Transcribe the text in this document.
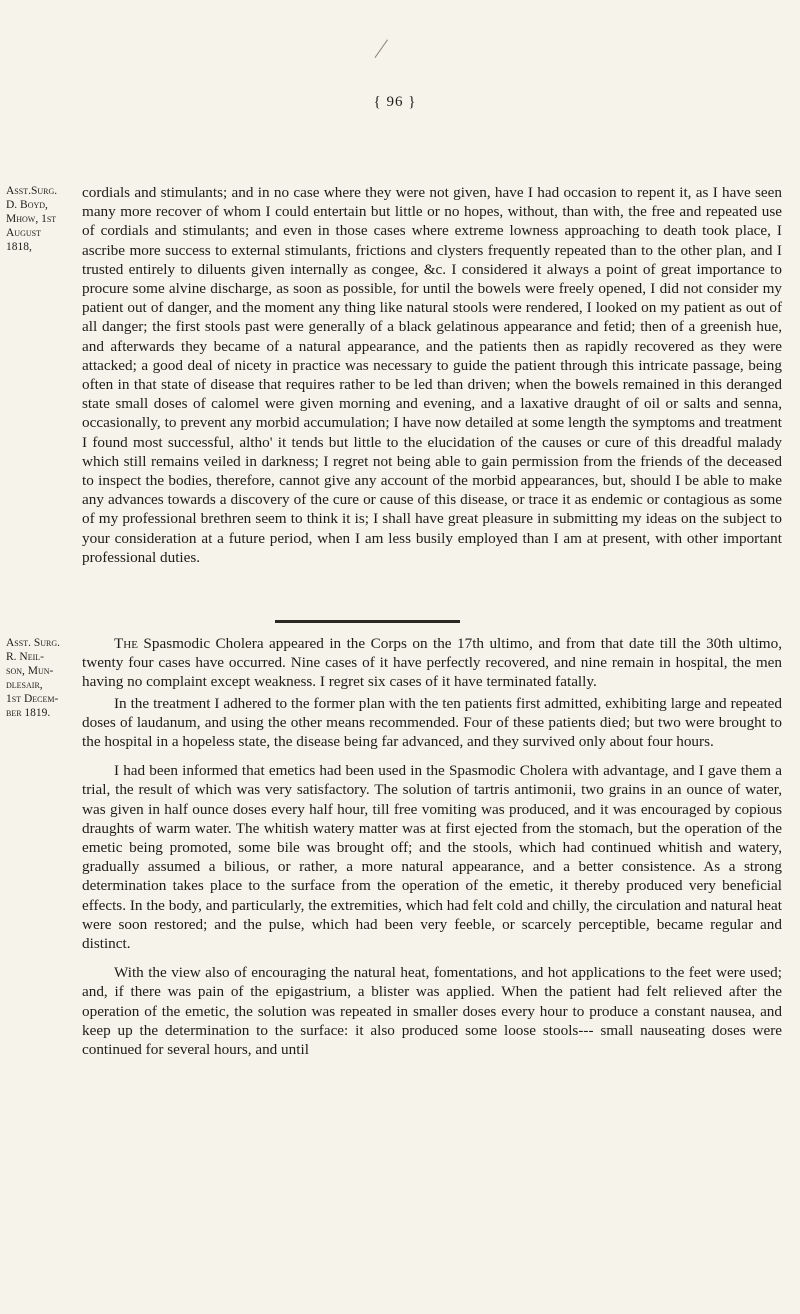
{ 96 }
Asst.Surg.
D. Boyd,
Mhow, 1st
August
1818,

cordials and stimulants; and in no case where they were not given, have I had occasion to repent it, as I have seen many more recover of whom I could entertain but little or no hopes, without, than with, the free and repeated use of cordials and stimulants; and even in those cases where extreme lowness approaching to death took place, I ascribe more success to external stimulants, frictions and clysters frequently repeated than to the other plan, and I trusted entirely to diluents given internally as congee, &c. I considered it always a point of great importance to procure some alvine discharge, as soon as possible, for until the bowels were freely opened, I did not consider my patient out of danger, and the moment any thing like natural stools were rendered, I looked on my patient as out of all danger; the first stools past were generally of a black gelatinous appearance and fetid; then of a greenish hue, and afterwards they became of a natural appearance, and the patients then as rapidly recovered as they were attacked; a good deal of nicety in practice was necessary to guide the patient through this intricate passage, being often in that state of disease that requires rather to be led than driven; when the bowels remained in this deranged state small doses of calomel were given morning and evening, and a laxative draught of oil or salts and senna, occasionally, to prevent any morbid accumulation; I have now detailed at some length the symptoms and treatment I found most successful, altho' it tends but little to the elucidation of the causes or cure of this dreadful malady which still remains veiled in darkness; I regret not being able to gain permission from the friends of the deceased to inspect the bodies, therefore, cannot give any account of the morbid appearances, but, should I be able to make any advances towards a discovery of the cure or cause of this disease, or trace it as endemic or contagious as some of my professional brethren seem to think it is; I shall have great pleasure in submitting my ideas on the subject to your consideration at a future period, when I am less busily employed than I am at present, with other important professional duties.

Asst. Surg.
R. Neil-
son, Mun-
dlesair,
1st Decem-
ber 1819.

The Spasmodic Cholera appeared in the Corps on the 17th ultimo, and from that date till the 30th ultimo, twenty four cases have occurred. Nine cases of it have perfectly recovered, and nine remain in hospital, the men having no complaint except weakness. I regret six cases of it have terminated fatally.

In the treatment I adhered to the former plan with the ten patients first admitted, exhibiting large and repeated doses of laudanum, and using the other means recommended. Four of these patients died; but two were brought to the hospital in a hopeless state, the disease being far advanced, and they survived only about four hours.

I had been informed that emetics had been used in the Spasmodic Cholera with advantage, and I gave them a trial, the result of which was very satisfactory. The solution of tartris antimonii, two grains in an ounce of water, was given in half ounce doses every half hour, till free vomiting was produced, and it was encouraged by copious draughts of warm water. The whitish watery matter was at first ejected from the stomach, but the operation of the emetic being promoted, some bile was brought off; and the stools, which had continued whitish and watery, gradually assumed a bilious, or rather, a more natural appearance, and a better consistence. As a strong determination takes place to the surface from the operation of the emetic, it thereby produced very beneficial effects. In the body, and particularly, the extremities, which had felt cold and chilly, the circulation and natural heat were soon restored; and the pulse, which had been very feeble, or scarcely perceptible, became regular and distinct.

With the view also of encouraging the natural heat, fomentations, and hot applications to the feet were used; and, if there was pain of the epigastrium, a blister was applied. When the patient had felt relieved after the operation of the emetic, the solution was repeated in smaller doses every hour to produce a constant nausea, and keep up the determination to the surface: it also produced some loose stools--- small nauseating doses were continued for several hours, and until
